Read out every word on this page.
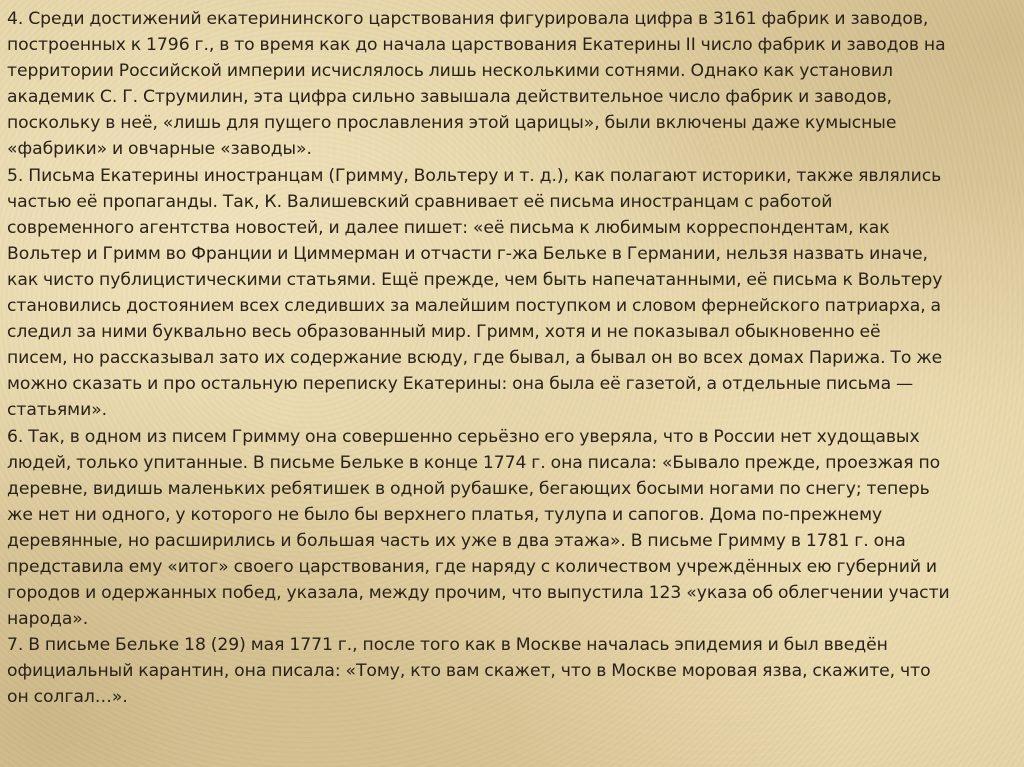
4. Среди достижений екатерининского царствования фигурировала цифра в 3161 фабрик и заводов,
построенных к 1796 г., в то время как до начала царствования Екатерины II число фабрик и заводов на
территории Российской империи исчислялось лишь несколькими сотнями. Однако как установил
академик С. Г. Струмилин, эта цифра сильно завышала действительное число фабрик и заводов,
поскольку в неё, «лишь для пущего прославления этой царицы», были включены даже кумысные
«фабрики» и овчарные «заводы».
5. Письма Екатерины иностранцам (Гримму, Вольтеру и т. д.), как полагают историки, также являлись
частью её пропаганды. Так, К. Валишевский сравнивает её письма иностранцам с работой
современного агентства новостей, и далее пишет: «её письма к любимым корреспондентам, как
Вольтер и Гримм во Франции и Циммерман и отчасти г-жа Бельке в Германии, нельзя назвать иначе,
как чисто публицистическими статьями. Ещё прежде, чем быть напечатанными, её письма к Вольтеру
становились достоянием всех следивших за малейшим поступком и словом фернейского патриарха, а
следил за ними буквально весь образованный мир. Гримм, хотя и не показывал обыкновенно её
писем, но рассказывал зато их содержание всюду, где бывал, а бывал он во всех домах Парижа. То же
можно сказать и про остальную переписку Екатерины: она была её газетой, а отдельные письма —
статьями».
6. Так, в одном из писем Гримму она совершенно серьёзно его уверяла, что в России нет худощавых
людей, только упитанные. В письме Бельке в конце 1774 г. она писала: «Бывало прежде, проезжая по
деревне, видишь маленьких ребятишек в одной рубашке, бегающих босыми ногами по снегу; теперь
же нет ни одного, у которого не было бы верхнего платья, тулупа и сапогов. Дома по-прежнему
деревянные, но расширились и большая часть их уже в два этажа». В письме Гримму в 1781 г. она
представила ему «итог» своего царствования, где наряду с количеством учреждённых ею губерний и
городов и одержанных побед, указала, между прочим, что выпустила 123 «указа об облегчении участи
народа».
7. В письме Бельке 18 (29) мая 1771 г., после того как в Москве началась эпидемия и был введён
официальный карантин, она писала: «Тому, кто вам скажет, что в Москве моровая язва, скажите, что
он солгал…».
